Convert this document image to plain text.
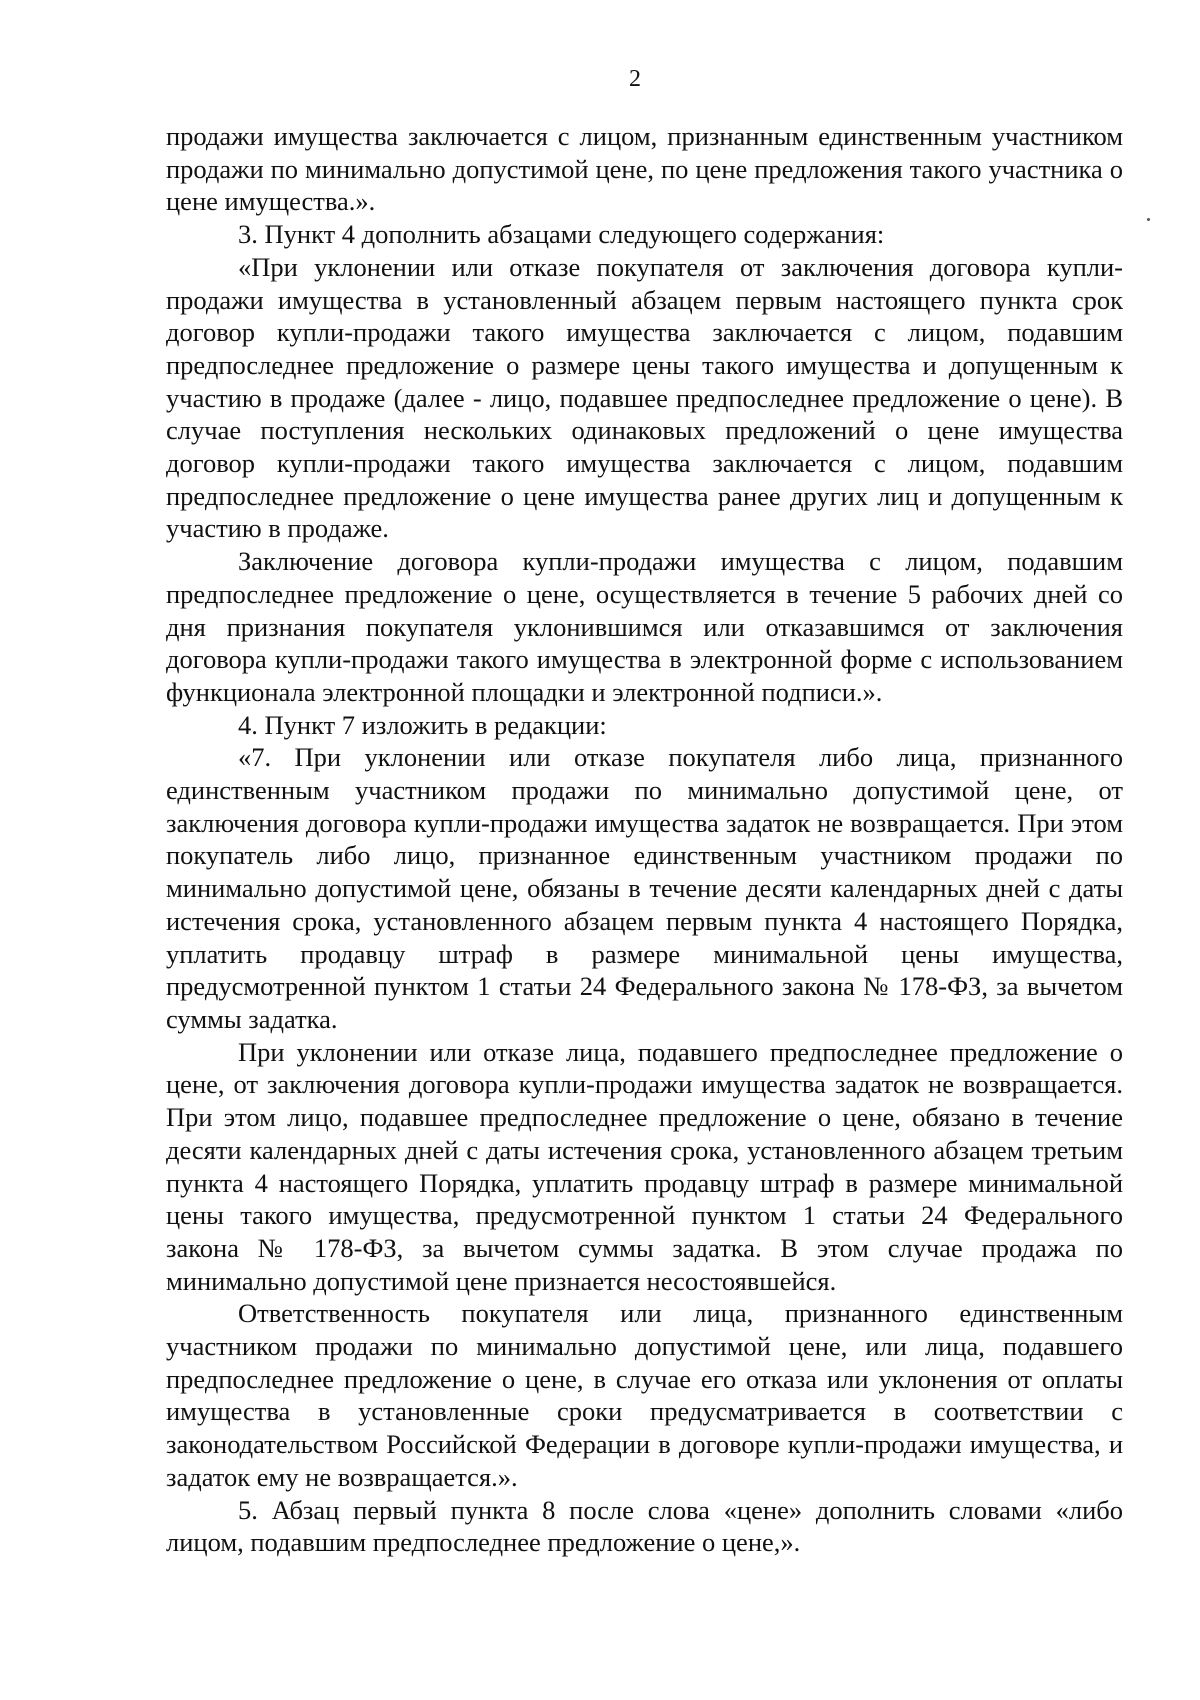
2

продажи имущества заключается с лицом, признанным единственным участником продажи по минимально допустимой цене, по цене предложения такого участника о цене имущества.».

3. Пункт 4 дополнить абзацами следующего содержания:

«При уклонении или отказе покупателя от заключения договора купли-продажи имущества в установленный абзацем первым настоящего пункта срок договор купли-продажи такого имущества заключается с лицом, подавшим предпоследнее предложение о размере цены такого имущества и допущенным к участию в продаже (далее - лицо, подавшее предпоследнее предложение о цене). В случае поступления нескольких одинаковых предложений о цене имущества договор купли-продажи такого имущества заключается с лицом, подавшим предпоследнее предложение о цене имущества ранее других лиц и допущенным к участию в продаже.

Заключение договора купли-продажи имущества с лицом, подавшим предпоследнее предложение о цене, осуществляется в течение 5 рабочих дней со дня признания покупателя уклонившимся или отказавшимся от заключения договора купли-продажи такого имущества в электронной форме с использованием функционала электронной площадки и электронной подписи.».

4. Пункт 7 изложить в редакции:

«7. При уклонении или отказе покупателя либо лица, признанного единственным участником продажи по минимально допустимой цене, от заключения договора купли-продажи имущества задаток не возвращается. При этом покупатель либо лицо, признанное единственным участником продажи по минимально допустимой цене, обязаны в течение десяти календарных дней с даты истечения срока, установленного абзацем первым пункта 4 настоящего Порядка, уплатить продавцу штраф в размере минимальной цены имущества, предусмотренной пунктом 1 статьи 24 Федерального закона № 178-ФЗ, за вычетом суммы задатка.

При уклонении или отказе лица, подавшего предпоследнее предложение о цене, от заключения договора купли-продажи имущества задаток не возвращается. При этом лицо, подавшее предпоследнее предложение о цене, обязано в течение десяти календарных дней с даты истечения срока, установленного абзацем третьим пункта 4 настоящего Порядка, уплатить продавцу штраф в размере минимальной цены такого имущества, предусмотренной пунктом 1 статьи 24 Федерального закона № 178-ФЗ, за вычетом суммы задатка. В этом случае продажа по минимально допустимой цене признается несостоявшейся.

Ответственность покупателя или лица, признанного единственным участником продажи по минимально допустимой цене, или лица, подавшего предпоследнее предложение о цене, в случае его отказа или уклонения от оплаты имущества в установленные сроки предусматривается в соответствии с законодательством Российской Федерации в договоре купли-продажи имущества, и задаток ему не возвращается.».

5. Абзац первый пункта 8 после слова «цене» дополнить словами «либо лицом, подавшим предпоследнее предложение о цене,».
